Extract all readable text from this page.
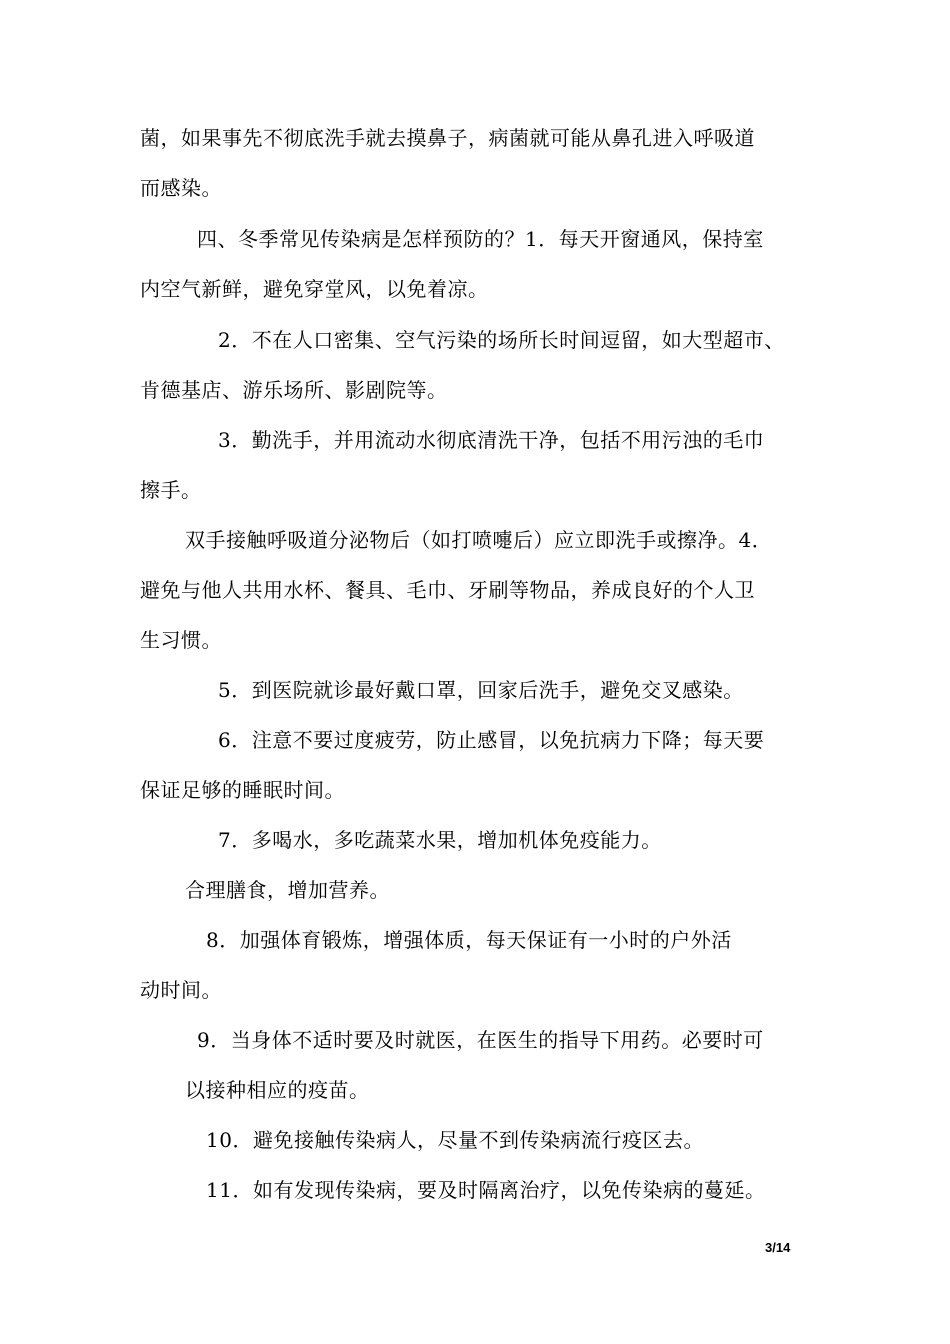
菌，如果事先不彻底洗手就去摸鼻子，病菌就可能从鼻孔进入呼吸道
而感染。
四、冬季常见传染病是怎样预防的？1．每天开窗通风，保持室
内空气新鲜，避免穿堂风，以免着凉。
2．不在人口密集、空气污染的场所长时间逗留，如大型超市、
肯德基店、游乐场所、影剧院等。
3．勤洗手，并用流动水彻底清洗干净，包括不用污浊的毛巾
擦手。
双手接触呼吸道分泌物后（如打喷嚏后）应立即洗手或擦净。4．
避免与他人共用水杯、餐具、毛巾、牙刷等物品，养成良好的个人卫
生习惯。
5．到医院就诊最好戴口罩，回家后洗手，避免交叉感染。
6．注意不要过度疲劳，防止感冒，以免抗病力下降；每天要
保证足够的睡眠时间。
7．多喝水，多吃蔬菜水果，增加机体免疫能力。
合理膳食，增加营养。
8．加强体育锻炼，增强体质，每天保证有一小时的户外活
动时间。
9．当身体不适时要及时就医，在医生的指导下用药。必要时可
以接种相应的疫苗。
10．避免接触传染病人，尽量不到传染病流行疫区去。
11．如有发现传染病，要及时隔离治疗，以免传染病的蔓延。
3/14
